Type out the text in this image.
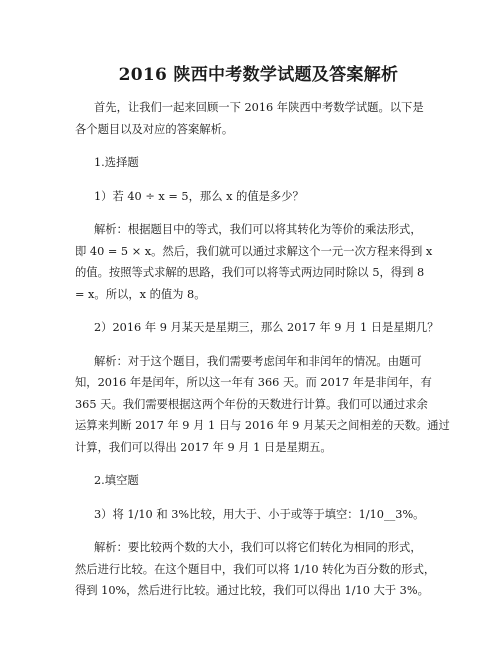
2016 陕西中考数学试题及答案解析

首先，让我们一起来回顾一下 2016 年陕西中考数学试题。以下是
各个题目以及对应的答案解析。

1.选择题

1）若 40 ÷ x = 5，那么 x 的值是多少？

解析：根据题目中的等式，我们可以将其转化为等价的乘法形式，
即 40 = 5 × x。然后，我们就可以通过求解这个一元一次方程来得到 x
的值。按照等式求解的思路，我们可以将等式两边同时除以 5，得到 8
= x。所以，x 的值为 8。

2）2016 年 9 月某天是星期三，那么 2017 年 9 月 1 日是星期几？

解析：对于这个题目，我们需要考虑闰年和非闰年的情况。由题可
知，2016 年是闰年，所以这一年有 366 天。而 2017 年是非闰年，有
365 天。我们需要根据这两个年份的天数进行计算。我们可以通过求余
运算来判断 2017 年 9 月 1 日与 2016 年 9 月某天之间相差的天数。通过
计算，我们可以得出 2017 年 9 月 1 日是星期五。

2.填空题

3）将 1/10 和 3%比较，用大于、小于或等于填空：1/10__3%。

解析：要比较两个数的大小，我们可以将它们转化为相同的形式，
然后进行比较。在这个题目中，我们可以将 1/10 转化为百分数的形式，
得到 10%，然后进行比较。通过比较，我们可以得出 1/10 大于 3%。
